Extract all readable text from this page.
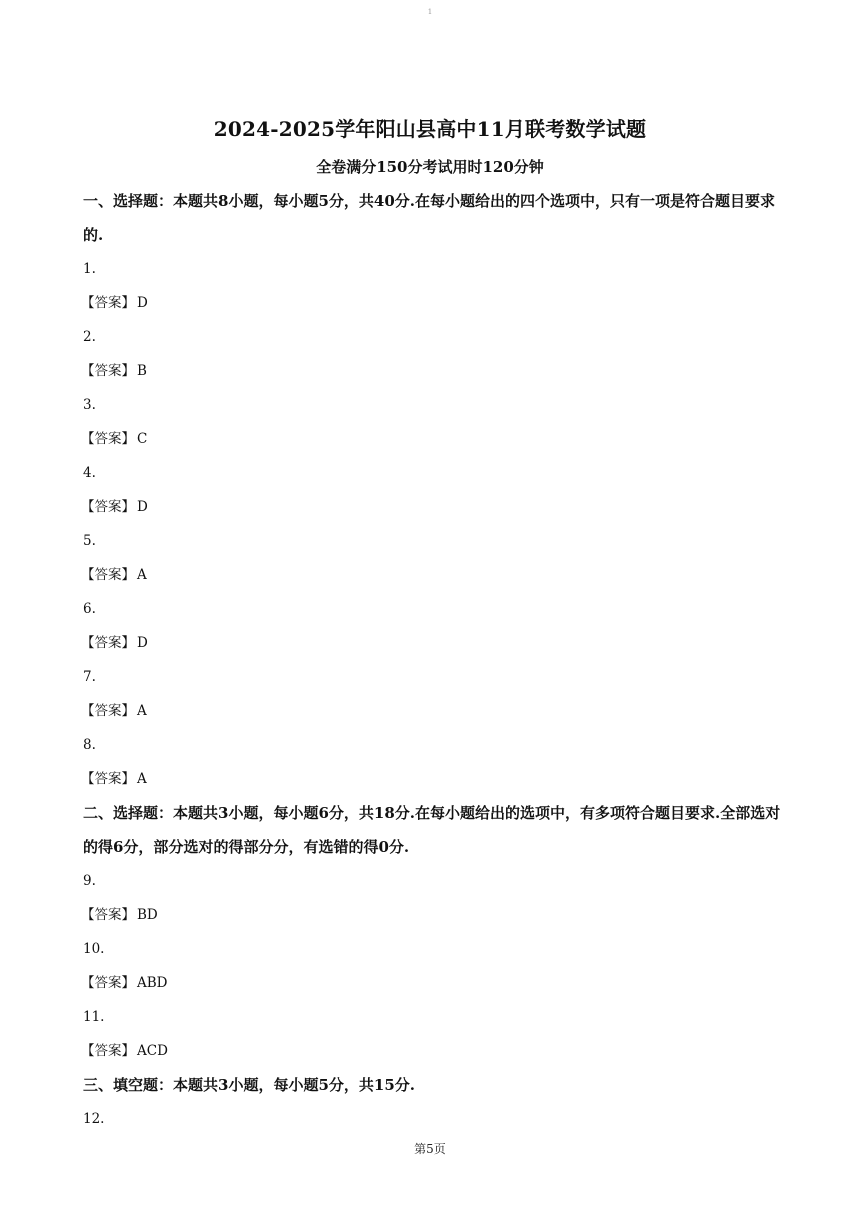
1
2024-2025学年阳山县高中11月联考数学试题
全卷满分150分考试用时120分钟

一、选择题：本题共8小题，每小题5分，共40分.在每小题给出的四个选项中，只有一项是符合题目要求的.

1.

【答案】 D

2.

【答案】 B

3.

【答案】 C

4.

【答案】 D

5.

【答案】 A

6.

【答案】 D

7.

【答案】 A

8.

【答案】 A

二、选择题：本题共3小题，每小题6分，共18分.在每小题给出的选项中，有多项符合题目要求.全部选对的得6分，部分选对的得部分分，有选错的得0分.

9.

【答案】 BD

10.

【答案】 ABD

11.

【答案】 ACD

三、填空题：本题共3小题，每小题5分，共15分.

12.

第5页
